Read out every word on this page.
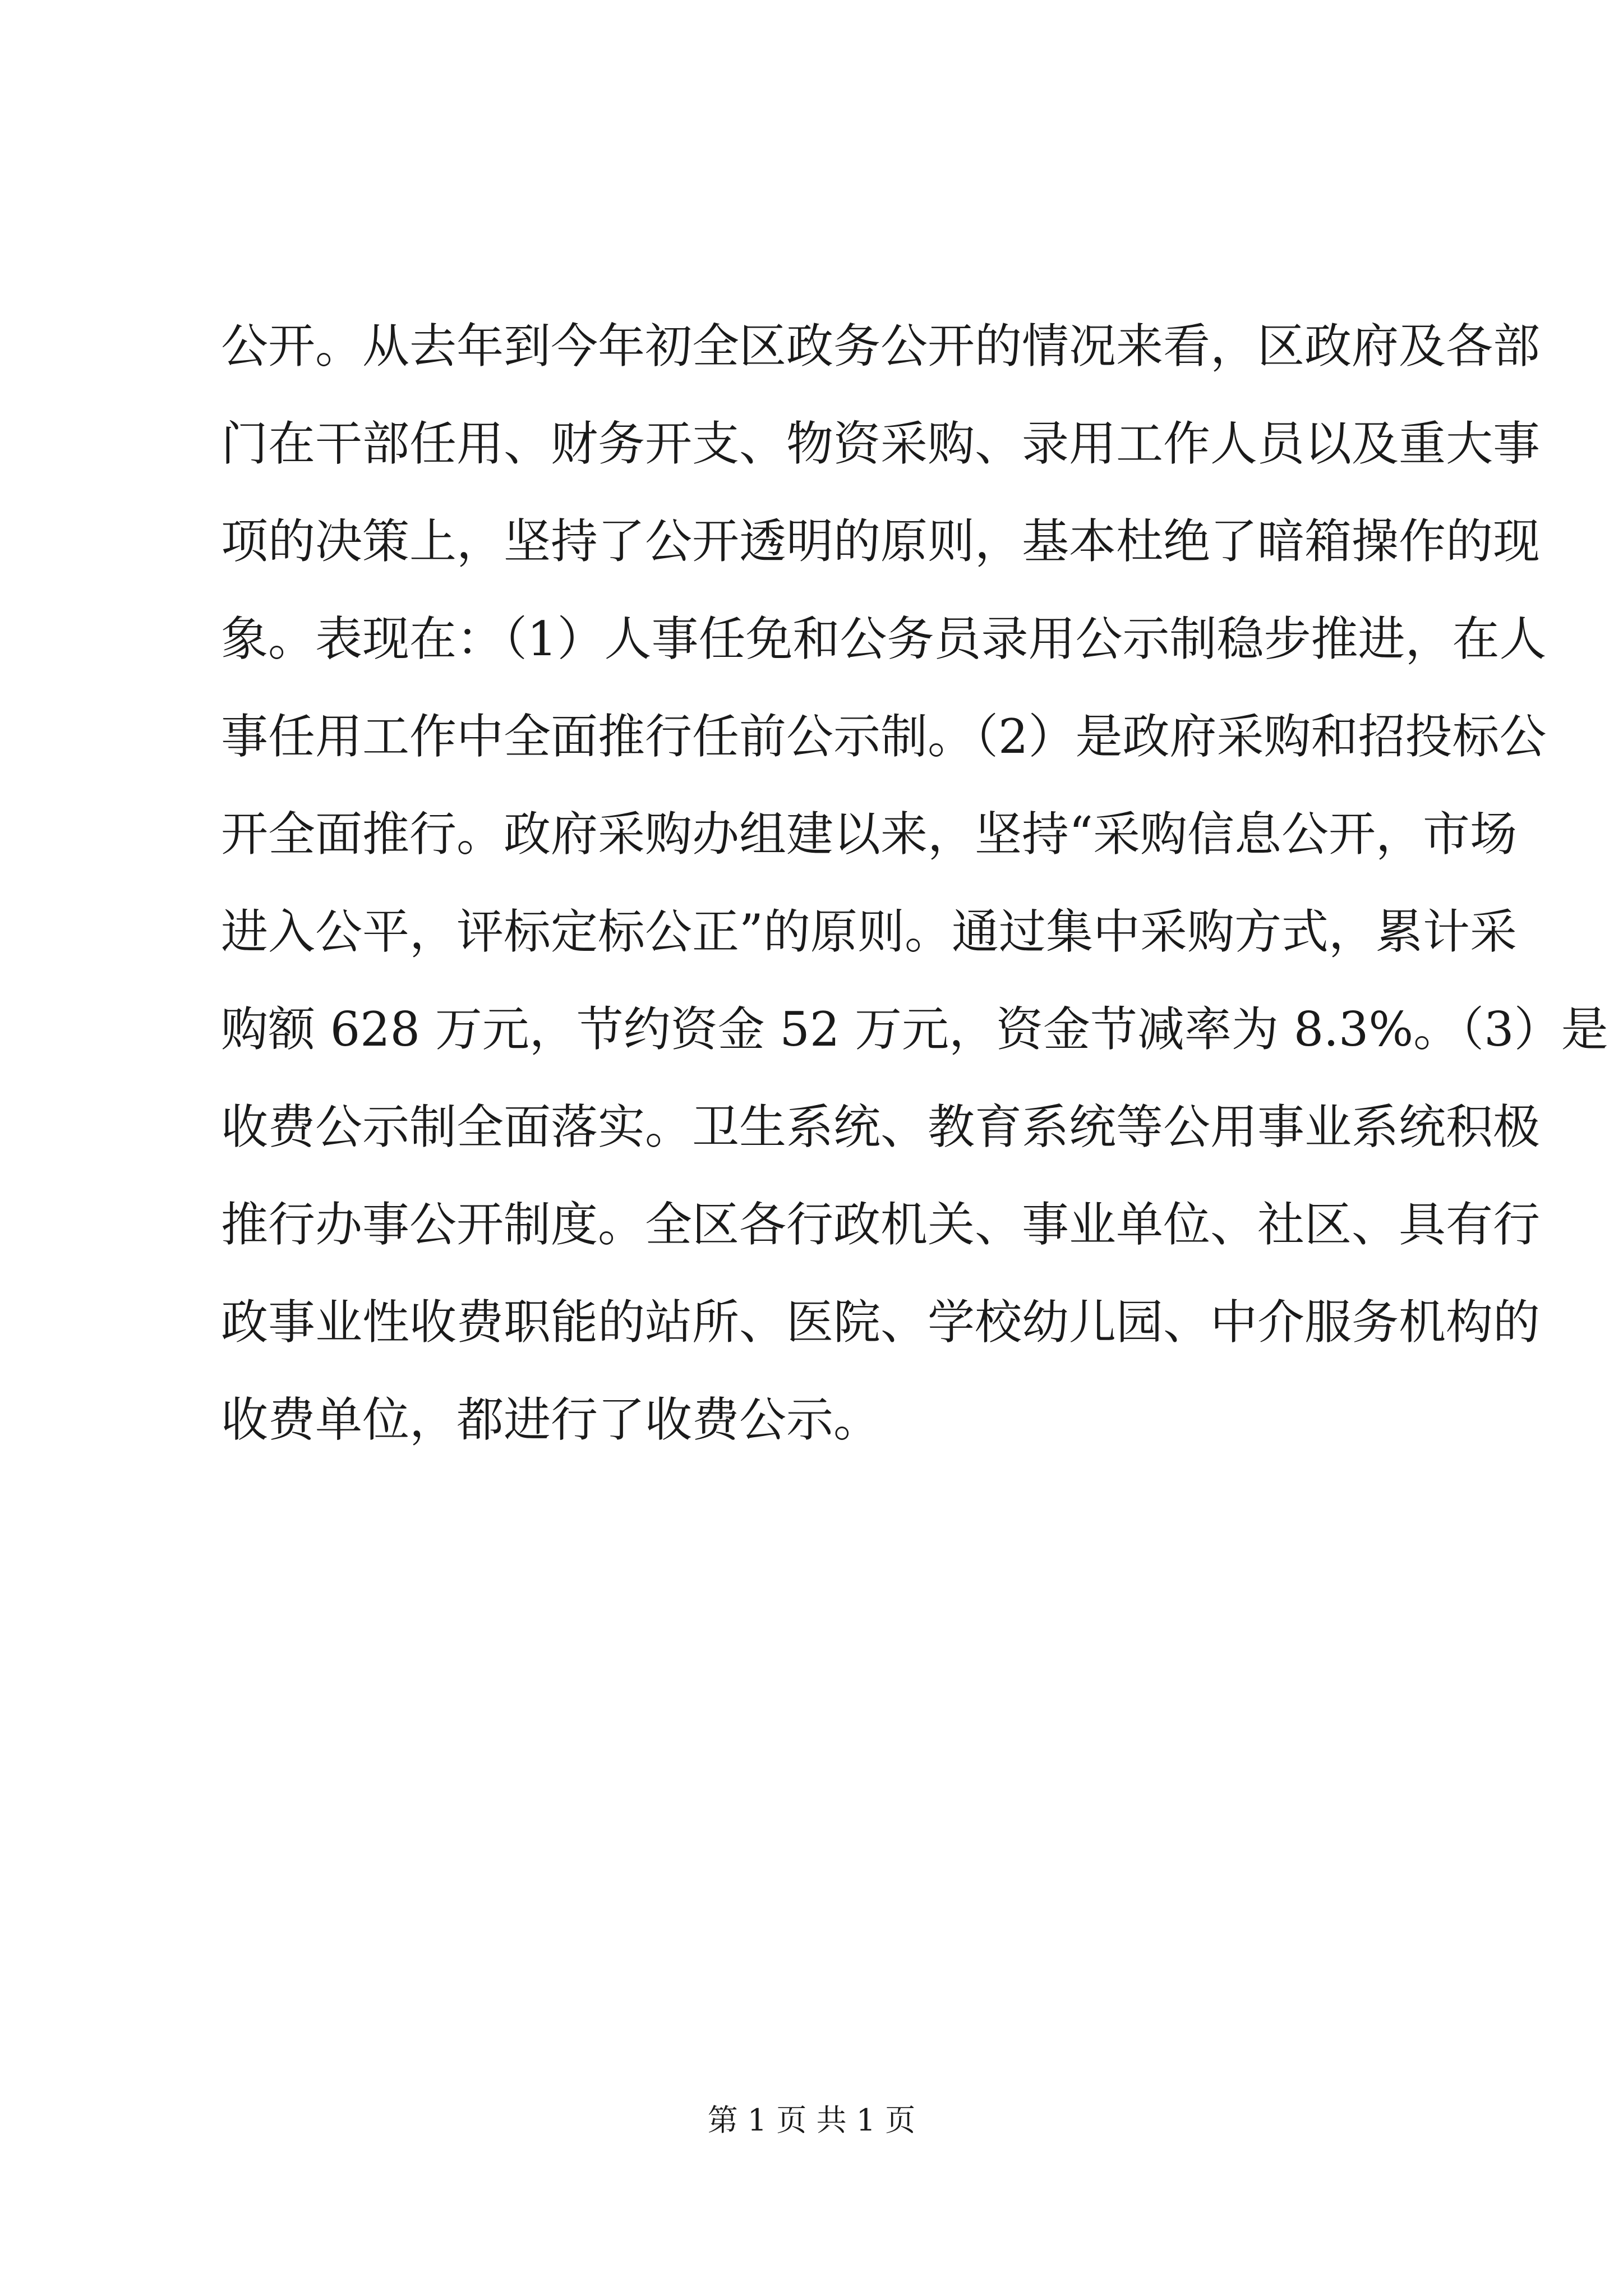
公开。从去年到今年初全区政务公开的情况来看，区政府及各部
门在干部任用、财务开支、物资采购、录用工作人员以及重大事
项的决策上，坚持了公开透明的原则，基本杜绝了暗箱操作的现
象。表现在：（1）人事任免和公务员录用公示制稳步推进，在人
事任用工作中全面推行任前公示制。（2）是政府采购和招投标公
开全面推行。政府采购办组建以来，坚持“采购信息公开，市场
进入公平，评标定标公正”的原则。通过集中采购方式，累计采
购额 628 万元，节约资金 52 万元，资金节减率为 8.3%。（3）是
收费公示制全面落实。卫生系统、教育系统等公用事业系统积极
推行办事公开制度。全区各行政机关、事业单位、社区、具有行
政事业性收费职能的站所、医院、学校幼儿园、中介服务机构的
收费单位，都进行了收费公示。
第 1 页 共 1 页
